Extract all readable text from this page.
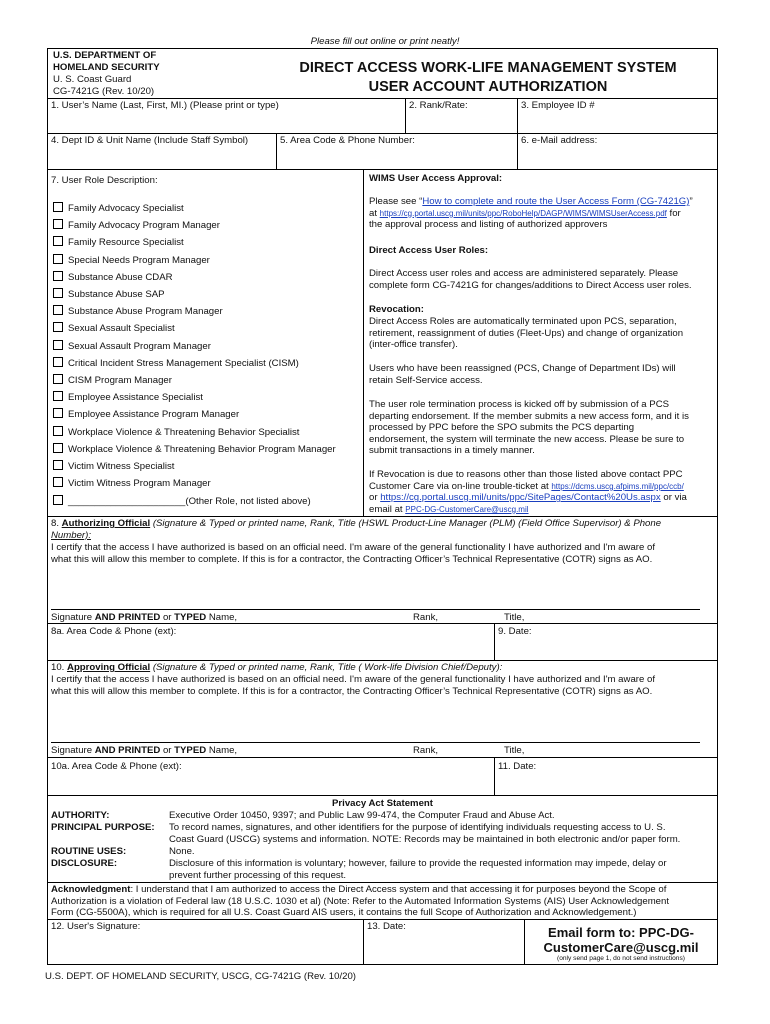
Please fill out online or print neatly!
U.S. DEPARTMENT OF
HOMELAND SECURITY
U. S. Coast Guard
CG-7421G (Rev. 10/20)
DIRECT ACCESS WORK-LIFE MANAGEMENT SYSTEM
USER ACCOUNT AUTHORIZATION
1. User’s Name (Last, First, MI.) (Please print or type)	2. Rank/Rate:	3. Employee ID #
4. Dept ID & Unit Name (Include Staff Symbol)	5. Area Code & Phone Number:	6. e-Mail address:
7. User Role Description:
______________________(Other Role, not listed above)
WIMS User Access Approval:
Please see “How to complete and route the User Access Form (CG-7421G)”
at https://cg.portal.uscg.mil/units/ppc/RoboHelp/DAGP/WIMS/WIMSUserAccess.pdf for
the approval process and listing of authorized approvers
Direct Access User Roles:
Direct Access user roles and access are administered separately. Please
complete form CG-7421G for changes/additions to Direct Access user roles.
Revocation:
Direct Access Roles are automatically terminated upon PCS, separation,
retirement, reassignment of duties (Fleet-Ups) and change of organization
(inter-office transfer).
Users who have been reassigned (PCS, Change of Department IDs) will
retain Self-Service access.
The user role termination process is kicked off by submission of a PCS
departing endorsement. If the member submits a new access form, and it is
processed by PPC before the SPO submits the PCS departing
endorsement, the system will terminate the new access. Please be sure to
submit transactions in a timely manner.
If Revocation is due to reasons other than those listed above contact PPC
Customer Care via on-line trouble-ticket at https://dcms.uscg.afpims.mil/ppc/ccb/
or https://cg.portal.uscg.mil/units/ppc/SitePages/Contact%20Us.aspx or via
email at PPC-DG-CustomerCare@uscg.mil
8. Authorizing Official (Signature & Typed or printed name, Rank, Title (HSWL Product-Line Manager (PLM) (Field Office Supervisor) & Phone
Number):
I certify that the access I have authorized is based on an official need. I'm aware of the general functionality I have authorized and I'm aware of
what this will allow this member to complete. If this is for a contractor, the Contracting Officer’s Technical Representative (COTR) signs as AO.
Signature AND PRINTED or TYPED Name,	Rank,	Title,
8a. Area Code & Phone (ext):	9. Date:
10. Approving Official (Signature & Typed or printed name, Rank, Title ( Work-life Division Chief/Deputy):
I certify that the access I have authorized is based on an official need. I'm aware of the general functionality I have authorized and I'm aware of
what this will allow this member to complete. If this is for a contractor, the Contracting Officer’s Technical Representative (COTR) signs as AO.
Signature AND PRINTED or TYPED Name,	Rank,	Title,
10a. Area Code & Phone (ext):	11. Date:
Privacy Act Statement
AUTHORITY:	Executive Order 10450, 9397; and Public Law 99-474, the Computer Fraud and Abuse Act.
PRINCIPAL PURPOSE: To record names, signatures, and other identifiers for the purpose of identifying individuals requesting access to U. S.
Coast Guard (USCG) systems and information. NOTE: Records may be maintained in both electronic and/or paper form.
ROUTINE USES:	None.
DISCLOSURE:	Disclosure of this information is voluntary; however, failure to provide the requested information may impede, delay or
prevent further processing of this request.
Acknowledgment: I understand that I am authorized to access the Direct Access system and that accessing it for purposes beyond the Scope of
Authorization is a violation of Federal law (18 U.S.C. 1030 et al) (Note: Refer to the Automated Information Systems (AIS) User Acknowledgement
Form (CG-5500A), which is required for all U.S. Coast Guard AIS users, it contains the full Scope of Authorization and Acknowledgement.)
12. User's Signature:	13. Date:	Email form to: PPC-DG-
CustomerCare@uscg.mil
(only send page 1, do not send instructions)
Family Advocacy Specialist
Family Advocacy Program Manager
Family Resource Specialist
Special Needs Program Manager
Substance Abuse CDAR
Substance Abuse SAP
Substance Abuse Program Manager
Sexual Assault Specialist
Sexual Assault Program Manager
Critical Incident Stress Management Specialist (CISM)
CISM Program Manager
Employee Assistance Specialist
Employee Assistance Program Manager
Workplace Violence & Threatening Behavior Specialist
Workplace Violence & Threatening Behavior Program Manager
Victim Witness Specialist
Victim Witness Program Manager
U.S. DEPT. OF HOMELAND SECURITY, USCG, CG-7421G (Rev. 10/20)
